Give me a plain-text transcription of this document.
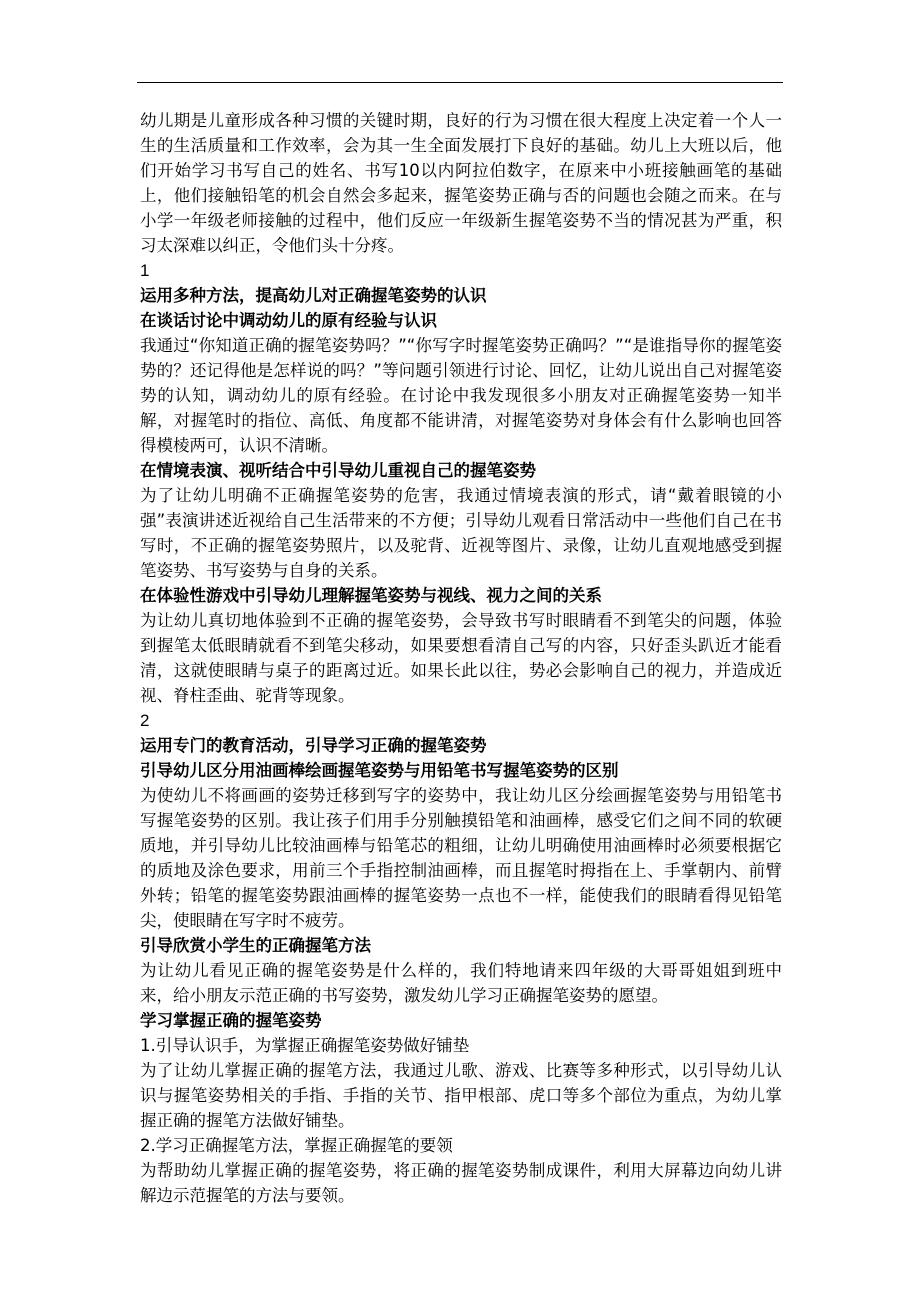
幼儿期是儿童形成各种习惯的关键时期，良好的行为习惯在很大程度上决定着一个人一生的生活质量和工作效率，会为其一生全面发展打下良好的基础。幼儿上大班以后，他们开始学习书写自己的姓名、书写10以内阿拉伯数字，在原来中小班接触画笔的基础上，他们接触铅笔的机会自然会多起来，握笔姿势正确与否的问题也会随之而来。在与小学一年级老师接触的过程中，他们反应一年级新生握笔姿势不当的情况甚为严重，积习太深难以纠正，令他们头十分疼。

1

运用多种方法，提高幼儿对正确握笔姿势的认识

在谈话讨论中调动幼儿的原有经验与认识

我通过“你知道正确的握笔姿势吗？”“你写字时握笔姿势正确吗？”“是谁指导你的握笔姿势的？还记得他是怎样说的吗？”等问题引领进行讨论、回忆，让幼儿说出自己对握笔姿势的认知，调动幼儿的原有经验。在讨论中我发现很多小朋友对正确握笔姿势一知半解，对握笔时的指位、高低、角度都不能讲清，对握笔姿势对身体会有什么影响也回答得模棱两可，认识不清晰。

在情境表演、视听结合中引导幼儿重视自己的握笔姿势

为了让幼儿明确不正确握笔姿势的危害，我通过情境表演的形式，请“戴着眼镜的小强”表演讲述近视给自己生活带来的不方便；引导幼儿观看日常活动中一些他们自己在书写时，不正确的握笔姿势照片，以及驼背、近视等图片、录像，让幼儿直观地感受到握笔姿势、书写姿势与自身的关系。

在体验性游戏中引导幼儿理解握笔姿势与视线、视力之间的关系

为让幼儿真切地体验到不正确的握笔姿势，会导致书写时眼睛看不到笔尖的问题，体验到握笔太低眼睛就看不到笔尖移动，如果要想看清自己写的内容，只好歪头趴近才能看清，这就使眼睛与桌子的距离过近。如果长此以往，势必会影响自己的视力，并造成近视、脊柱歪曲、驼背等现象。

2

运用专门的教育活动，引导学习正确的握笔姿势

引导幼儿区分用油画棒绘画握笔姿势与用铅笔书写握笔姿势的区别

为使幼儿不将画画的姿势迁移到写字的姿势中，我让幼儿区分绘画握笔姿势与用铅笔书写握笔姿势的区别。我让孩子们用手分别触摸铅笔和油画棒，感受它们之间不同的软硬质地，并引导幼儿比较油画棒与铅笔芯的粗细，让幼儿明确使用油画棒时必须要根据它的质地及涂色要求，用前三个手指控制油画棒，而且握笔时拇指在上、手掌朝内、前臂外转；铅笔的握笔姿势跟油画棒的握笔姿势一点也不一样，能使我们的眼睛看得见铅笔尖，使眼睛在写字时不疲劳。

引导欣赏小学生的正确握笔方法

为让幼儿看见正确的握笔姿势是什么样的，我们特地请来四年级的大哥哥姐姐到班中来，给小朋友示范正确的书写姿势，激发幼儿学习正确握笔姿势的愿望。

学习掌握正确的握笔姿势

1.引导认识手，为掌握正确握笔姿势做好铺垫

为了让幼儿掌握正确的握笔方法，我通过儿歌、游戏、比赛等多种形式，以引导幼儿认识与握笔姿势相关的手指、手指的关节、指甲根部、虎口等多个部位为重点，为幼儿掌握正确的握笔方法做好铺垫。

2.学习正确握笔方法，掌握正确握笔的要领

为帮助幼儿掌握正确的握笔姿势，将正确的握笔姿势制成课件，利用大屏幕边向幼儿讲解边示范握笔的方法与要领。
